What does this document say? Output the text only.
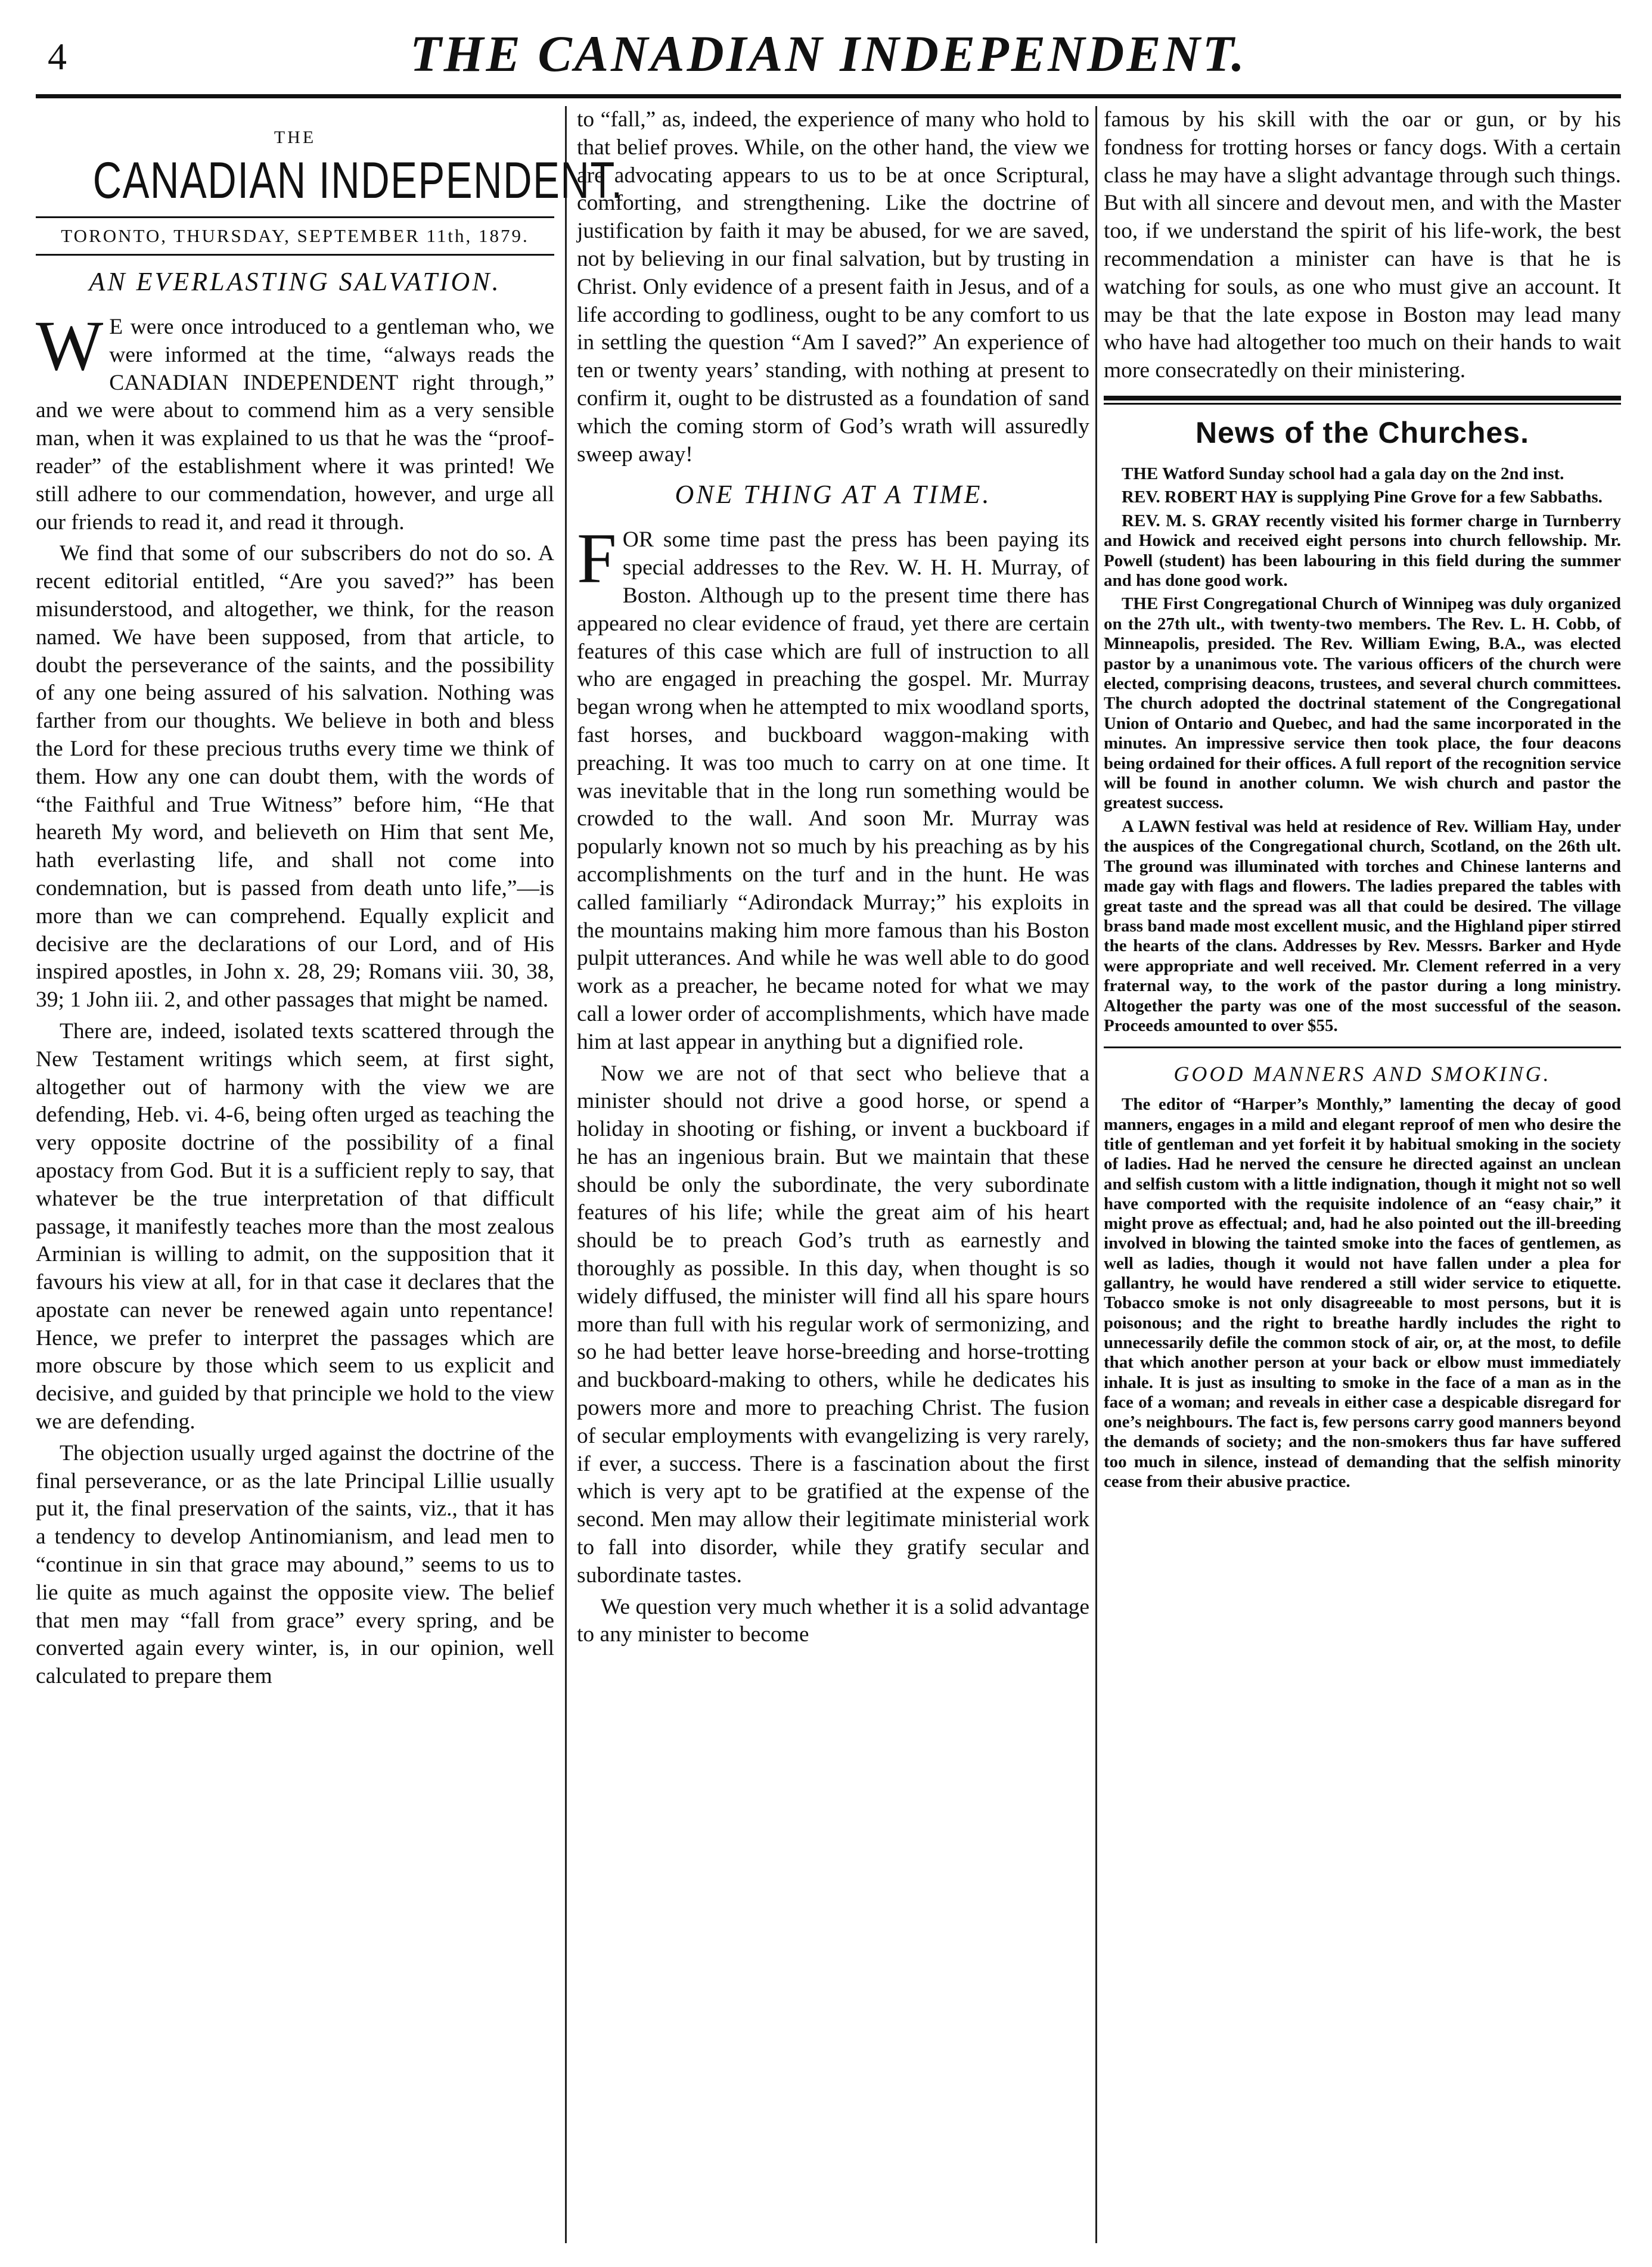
4	THE CANADIAN INDEPENDENT.
THE
CANADIAN INDEPENDENT.
TORONTO, THURSDAY, SEPTEMBER 11th, 1879.
AN EVERLASTING SALVATION.

W E were once introduced to a gentleman who, we were informed at the time, “always reads the CANADIAN INDEPENDENT right through,” and we were about to commend him as a very sensible man, when it was explained to us that he was the “proof-reader” of the establishment where it was printed! We still adhere to our commendation, however, and urge all our friends to read it, and read it through.

We find that some of our subscribers do not do so. A recent editorial entitled, “Are you saved?” has been misunderstood, and altogether, we think, for the reason named. We have been supposed, from that article, to doubt the perseverance of the saints, and the possibility of any one being assured of his salvation. Nothing was farther from our thoughts. We believe in both and bless the Lord for these precious truths every time we think of them. How any one can doubt them, with the words of “the Faithful and True Witness” before him, “He that heareth My word, and believeth on Him that sent Me, hath everlasting life, and shall not come into condemnation, but is passed from death unto life,”—is more than we can comprehend. Equally explicit and decisive are the declarations of our Lord, and of His inspired apostles, in John x. 28, 29; Romans viii. 30, 38, 39; 1 John iii. 2, and other passages that might be named.

There are, indeed, isolated texts scattered through the New Testament writings which seem, at first sight, altogether out of harmony with the view we are defending, Heb. vi. 4-6, being often urged as teaching the very opposite doctrine of the possibility of a final apostacy from God. But it is a sufficient reply to say, that whatever be the true interpretation of that difficult passage, it manifestly teaches more than the most zealous Arminian is willing to admit, on the supposition that it favours his view at all, for in that case it declares that the apostate can never be renewed again unto repentance! Hence, we prefer to interpret the passages which are more obscure by those which seem to us explicit and decisive, and guided by that principle we hold to the view we are defending.

The objection usually urged against the doctrine of the final perseverance, or as the late Principal Lillie usually put it, the final preservation of the saints, viz., that it has a tendency to develop Antinomianism, and lead men to “continue in sin that grace may abound,” seems to us to lie quite as much against the opposite view. The belief that men may “fall from grace” every spring, and be converted again every winter, is, in our opinion, well calculated to prepare them

to “fall,” as, indeed, the experience of many who hold to that belief proves. While, on the other hand, the view we are advocating appears to us to be at once Scriptural, comforting, and strengthening. Like the doctrine of justification by faith it may be abused, for we are saved, not by believing in our final salvation, but by trusting in Christ. Only evidence of a present faith in Jesus, and of a life according to godliness, ought to be any comfort to us in settling the question “Am I saved?” An experience of ten or twenty years’ standing, with nothing at present to confirm it, ought to be distrusted as a foundation of sand which the coming storm of God’s wrath will assuredly sweep away!

ONE THING AT A TIME.

FOR some time past the press has been paying its special addresses to the Rev. W. H. H. Murray, of Boston. Although up to the present time there has appeared no clear evidence of fraud, yet there are certain features of this case which are full of instruction to all who are engaged in preaching the gospel. Mr. Murray began wrong when he attempted to mix woodland sports, fast horses, and buckboard waggon-making with preaching. It was too much to carry on at one time. It was inevitable that in the long run something would be crowded to the wall. And soon Mr. Murray was popularly known not so much by his preaching as by his accomplishments on the turf and in the hunt. He was called familiarly “Adirondack Murray;” his exploits in the mountains making him more famous than his Boston pulpit utterances. And while he was well able to do good work as a preacher, he became noted for what we may call a lower order of accomplishments, which have made him at last appear in anything but a dignified role.

Now we are not of that sect who believe that a minister should not drive a good horse, or spend a holiday in shooting or fishing, or invent a buckboard if he has an ingenious brain. But we maintain that these should be only the subordinate, the very subordinate features of his life; while the great aim of his heart should be to preach God’s truth as earnestly and thoroughly as possible. In this day, when thought is so widely diffused, the minister will find all his spare hours more than full with his regular work of sermonizing, and so he had better leave horse-breeding and horse-trotting and buckboard-making to others, while he dedicates his powers more and more to preaching Christ. The fusion of secular employments with evangelizing is very rarely, if ever, a success. There is a fascination about the first which is very apt to be gratified at the expense of the second. Men may allow their legitimate ministerial work to fall into disorder, while they gratify secular and subordinate tastes.

We question very much whether it is a solid advantage to any minister to become

famous by his skill with the oar or gun, or by his fondness for trotting horses or fancy dogs. With a certain class he may have a slight advantage through such things. But with all sincere and devout men, and with the Master too, if we understand the spirit of his life-work, the best recommendation a minister can have is that he is watching for souls, as one who must give an account. It may be that the late expose in Boston may lead many who have had altogether too much on their hands to wait more consecratedly on their ministering.

News of the Churches.

THE Watford Sunday school had a gala day on the 2nd inst.

REV. ROBERT HAY is supplying Pine Grove for a few Sabbaths.

REV. M. S. GRAY recently visited his former charge in Turnberry and Howick and received eight persons into church fellowship. Mr. Powell (student) has been labouring in this field during the summer and has done good work.

THE First Congregational Church of Winnipeg was duly organized on the 27th ult., with twenty-two members. The Rev. L. H. Cobb, of Minneapolis, presided. The Rev. William Ewing, B.A., was elected pastor by a unanimous vote. The various officers of the church were elected, comprising deacons, trustees, and several church committees. The church adopted the doctrinal statement of the Congregational Union of Ontario and Quebec, and had the same incorporated in the minutes. An impressive service then took place, the four deacons being ordained for their offices. A full report of the recognition service will be found in another column. We wish church and pastor the greatest success.

A LAWN festival was held at residence of Rev. William Hay, under the auspices of the Congregational church, Scotland, on the 26th ult. The ground was illuminated with torches and Chinese lanterns and made gay with flags and flowers. The ladies prepared the tables with great taste and the spread was all that could be desired. The village brass band made most excellent music, and the Highland piper stirred the hearts of the clans. Addresses by Rev. Messrs. Barker and Hyde were appropriate and well received. Mr. Clement referred in a very fraternal way, to the work of the pastor during a long ministry. Altogether the party was one of the most successful of the season. Proceeds amounted to over $55.

GOOD MANNERS AND SMOKING.

The editor of “Harper’s Monthly,” lamenting the decay of good manners, engages in a mild and elegant reproof of men who desire the title of gentleman and yet forfeit it by habitual smoking in the society of ladies. Had he nerved the censure he directed against an unclean and selfish custom with a little indignation, though it might not so well have comported with the requisite indolence of an “easy chair,” it might prove as effectual; and, had he also pointed out the ill-breeding involved in blowing the tainted smoke into the faces of gentlemen, as well as ladies, though it would not have fallen under a plea for gallantry, he would have rendered a still wider service to etiquette. Tobacco smoke is not only disagreeable to most persons, but it is poisonous; and the right to breathe hardly includes the right to unnecessarily defile the common stock of air, or, at the most, to defile that which another person at your back or elbow must immediately inhale. It is just as insulting to smoke in the face of a man as in the face of a woman; and reveals in either case a despicable disregard for one’s neighbours. The fact is, few persons carry good manners beyond the demands of society; and the non-smokers thus far have suffered too much in silence, instead of demanding that the selfish minority cease from their abusive practice.
